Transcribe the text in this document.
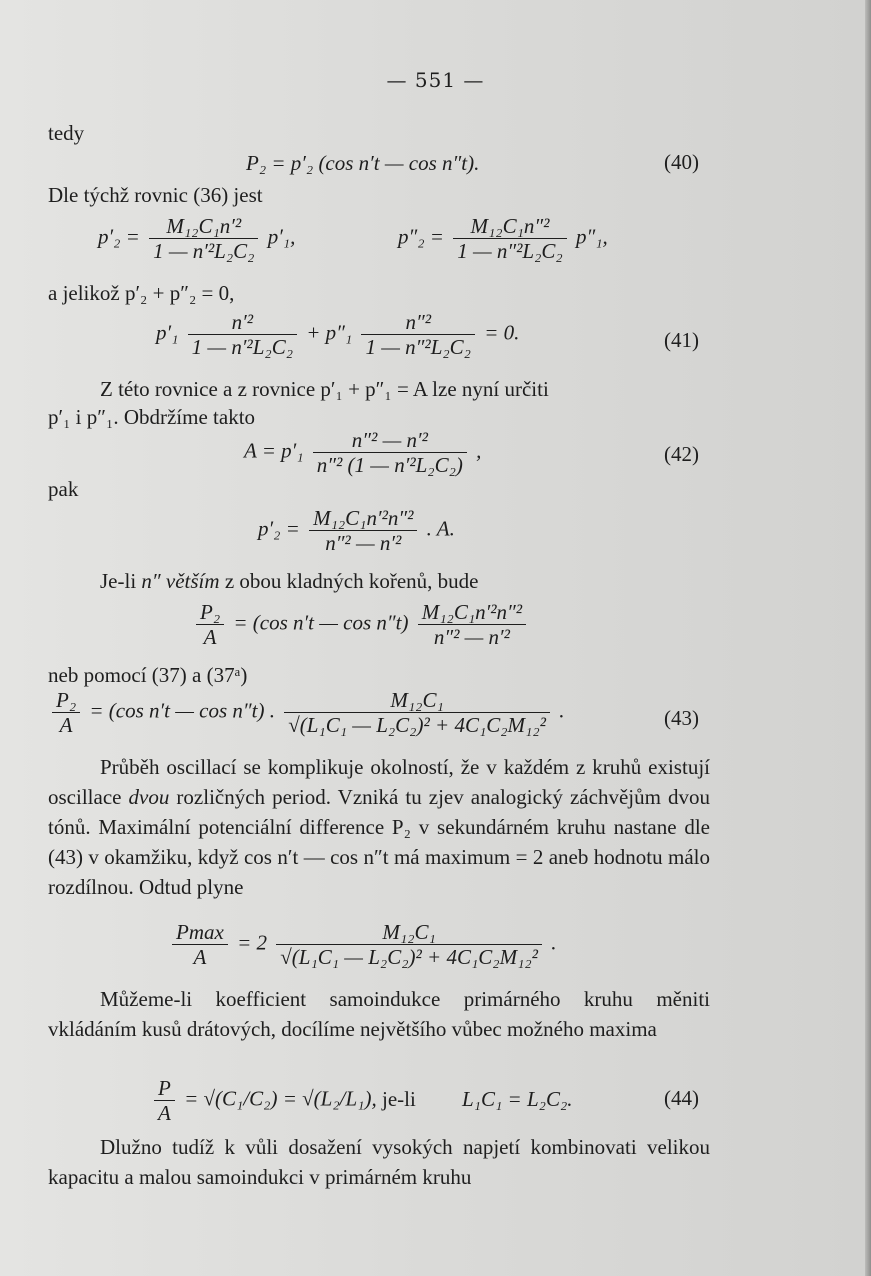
— 551 —
tedy
P₂ = p′₂ (cos n′t — cos n″t).	(40)
Dle týchž rovnic (36) jest
$p'_2 = \frac{\text{M₁₂C₁n′²}}{\text{1 — n′²L₂C₂}} p'_1$,	$p''_2 = \frac{\text{M₁₂C₁n″²}}{\text{1 — n″²L₂C₂}} p''_1$,
a jelikož p′₂ + p″₂ = 0,
$p'_1 \frac{\text{n′²}}{\text{1 — n′²L₂C₂}} + p''_1 \frac{\text{n″²}}{\text{1 — n″²L₂C₂}} = 0$.	(41)
Z této rovnice a z rovnice p′₁ + p″₁ = A lze nyní určiti
p′₁ i p″₁. Obdržíme takto
$A = p'_1 \frac{\text{n″² — n′²}}{\text{n″² (1 — n′²L₂C₂)}}$ ,	(42)
pak
$p'_2 = \frac{\text{M₁₂C₁n′²n″²}}{\text{n″² — n′²}}$ . A.
Je-li n″ větším z obou kladných kořenů, bude
$\frac{\text{P₂}}{A} = (\cos$ n′t — $\cos n''t) \frac{\text{M₁₂C₁n′²n″²}}{\text{n″² — n′²}}$
neb pomocí (37) a (37ᵃ)
$\frac{\text{P₂}}{A} = (\cos$ n′t — cos n″t) . $\frac{\text{M₁₂C₁}}{\text{√(L₁C₁ — L₂C₂)² + 4C₁C₂M₁₂²}}$ .	(43)

Průběh oscillací se komplikuje okolností, že v každém z kruhů existují oscillace dvou rozličných period. Vzniká tu zjev analogický záchvějům dvou tónů. Maximální potenciální difference P₂ v sekundárném kruhu nastane dle (43) v okamžiku, když cos n′t — cos n″t má maximum = 2 aneb hodnotu málo rozdílnou. Odtud plyne

$\frac{Pmax}{A} = 2 \frac{\text{M₁₂C₁}}{\text{√(L₁C₁ — L₂C₂)² + 4C₁C₂M₁₂²}}$ .

Můžeme-li koefficient samoindukce primárného kruhu měniti vkládáním kusů drátových, docílíme největšího vůbec možného maxima

$\frac{P}{A} = √(C_1/C_2) = √(L_2/L_1)$, je-li L₁C₁ = L₂C₂.	(44)

Dlužno tudíž k vůli dosažení vysokých napjetí kombinovati velikou kapacitu a malou samoindukci v primárném kruhu
